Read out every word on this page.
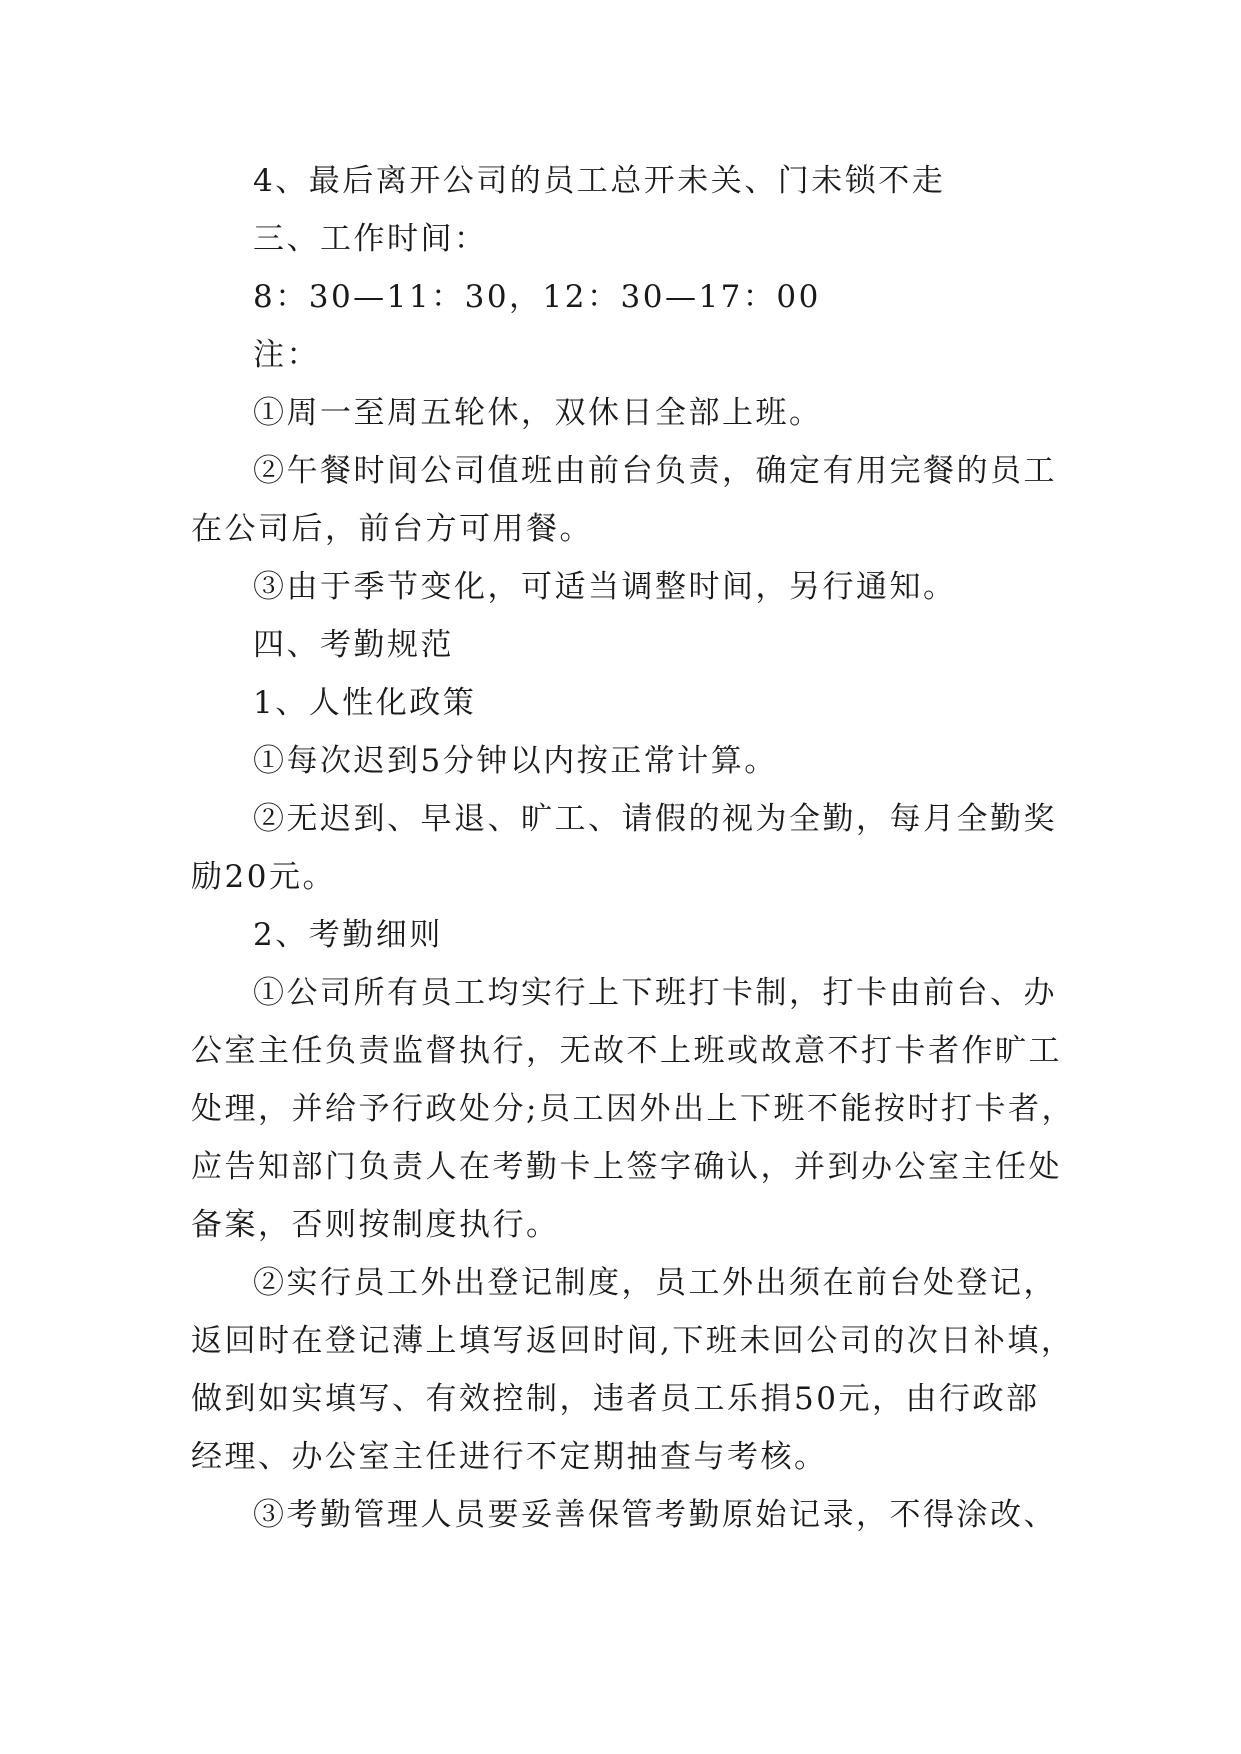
4、最后离开公司的员工总开未关、门未锁不走
三、工作时间：
8：30—11：30，12：30—17：00
注：
①周一至周五轮休，双休日全部上班。
②午餐时间公司值班由前台负责，确定有用完餐的员工
在公司后，前台方可用餐。
③由于季节变化，可适当调整时间，另行通知。
四、考勤规范
1、人性化政策
①每次迟到5分钟以内按正常计算。
②无迟到、早退、旷工、请假的视为全勤，每月全勤奖
励20元。
2、考勤细则
①公司所有员工均实行上下班打卡制，打卡由前台、办
公室主任负责监督执行，无故不上班或故意不打卡者作旷工
处理，并给予行政处分;员工因外出上下班不能按时打卡者，
应告知部门负责人在考勤卡上签字确认，并到办公室主任处
备案，否则按制度执行。
②实行员工外出登记制度，员工外出须在前台处登记，
返回时在登记薄上填写返回时间,下班未回公司的次日补填，
做到如实填写、有效控制，违者员工乐捐50元，由行政部
经理、办公室主任进行不定期抽查与考核。
③考勤管理人员要妥善保管考勤原始记录，不得涂改、
